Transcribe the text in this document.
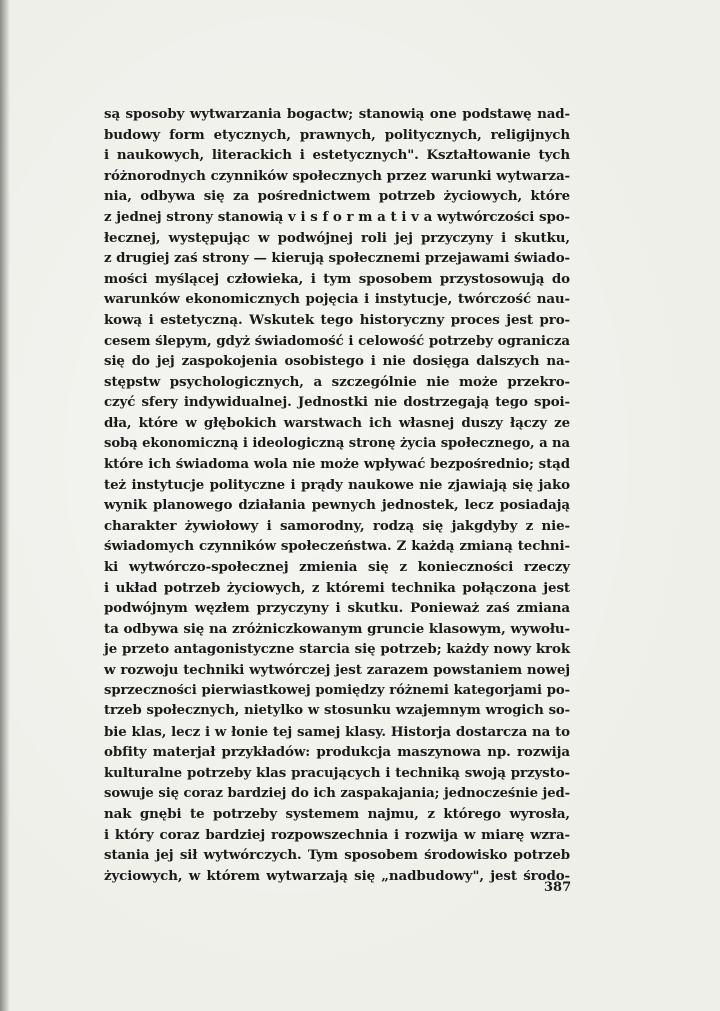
są sposoby wytwarzania bogactw; stanowią one podstawę nad-
budowy form etycznych, prawnych, politycznych, religijnych
i naukowych, literackich i estetycznych". Kształtowanie tych
różnorodnych czynników społecznych przez warunki wytwarza-
nia, odbywa się za pośrednictwem potrzeb życiowych, które
z jednej strony stanowią v i s f o r m a t i v a wytwórczości spo-
łecznej, występując w podwójnej roli jej przyczyny i skutku,
z drugiej zaś strony — kierują społecznemi przejawami świado-
mości myślącej człowieka, i tym sposobem przystosowują do
warunków ekonomicznych pojęcia i instytucje, twórczość nau-
kową i estetyczną. Wskutek tego historyczny proces jest pro-
cesem ślepym, gdyż świadomość i celowość potrzeby ogranicza
się do jej zaspokojenia osobistego i nie dosięga dalszych na-
stępstw psychologicznych, a szczególnie nie może przekro-
czyć sfery indywidualnej. Jednostki nie dostrzegają tego spoi-
dła, które w głębokich warstwach ich własnej duszy łączy ze
sobą ekonomiczną i ideologiczną stronę życia społecznego, a na
które ich świadoma wola nie może wpływać bezpośrednio; stąd
też instytucje polityczne i prądy naukowe nie zjawiają się jako
wynik planowego działania pewnych jednostek, lecz posiadają
charakter żywiołowy i samorodny, rodzą się jakgdyby z nie-
świadomych czynników społeczeństwa. Z każdą zmianą techni-
ki wytwórczo-społecznej zmienia się z konieczności rzeczy
i układ potrzeb życiowych, z któremi technika połączona jest
podwójnym węzłem przyczyny i skutku. Ponieważ zaś zmiana
ta odbywa się na zróżniczkowanym gruncie klasowym, wywołu-
je przeto antagonistyczne starcia się potrzeb; każdy nowy krok
w rozwoju techniki wytwórczej jest zarazem powstaniem nowej
sprzeczności pierwiastkowej pomiędzy różnemi kategorjami po-
trzeb społecznych, nietylko w stosunku wzajemnym wrogich so-
bie klas, lecz i w łonie tej samej klasy. Historja dostarcza na to
obfity materjał przykładów: produkcja maszynowa np. rozwija
kulturalne potrzeby klas pracujących i techniką swoją przysto-
sowuje się coraz bardziej do ich zaspakajania; jednocześnie jed-
nak gnębi te potrzeby systemem najmu, z którego wyrosła,
i który coraz bardziej rozpowszechnia i rozwija w miarę wzra-
stania jej sił wytwórczych. Tym sposobem środowisko potrzeb
życiowych, w którem wytwarzają się „nadbudowy", jest środo-
387
